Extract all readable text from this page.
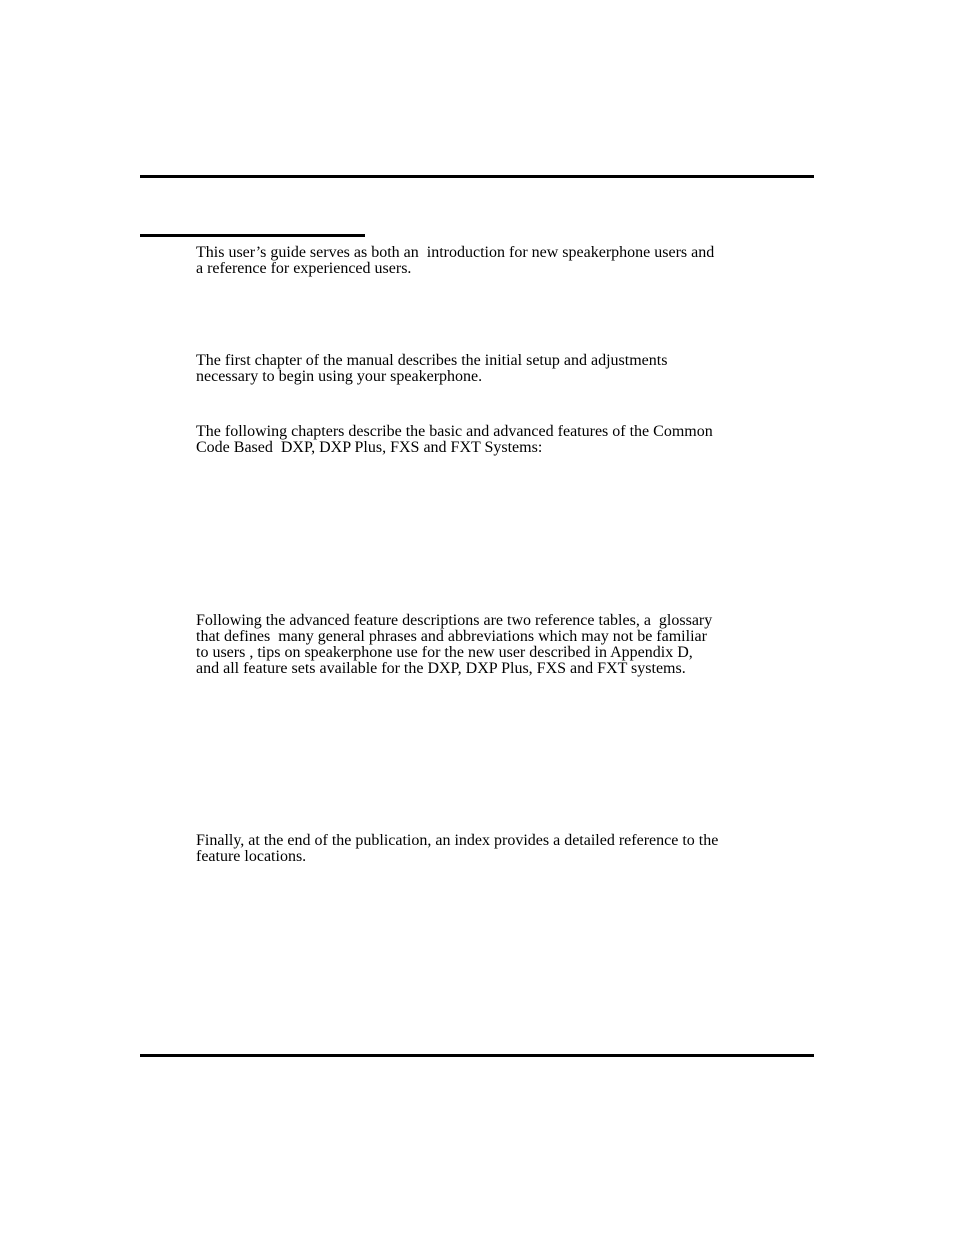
This user’s guide serves as both an  introduction for new speakerphone users and
a reference for experienced users.

The first chapter of the manual describes the initial setup and adjustments
necessary to begin using your speakerphone.

The following chapters describe the basic and advanced features of the Common
Code Based  DXP, DXP Plus, FXS and FXT Systems:

Following the advanced feature descriptions are two reference tables, a  glossary
that defines  many general phrases and abbreviations which may not be familiar
to users , tips on speakerphone use for the new user described in Appendix D,
and all feature sets available for the DXP, DXP Plus, FXS and FXT systems.

Finally, at the end of the publication, an index provides a detailed reference to the
feature locations.
